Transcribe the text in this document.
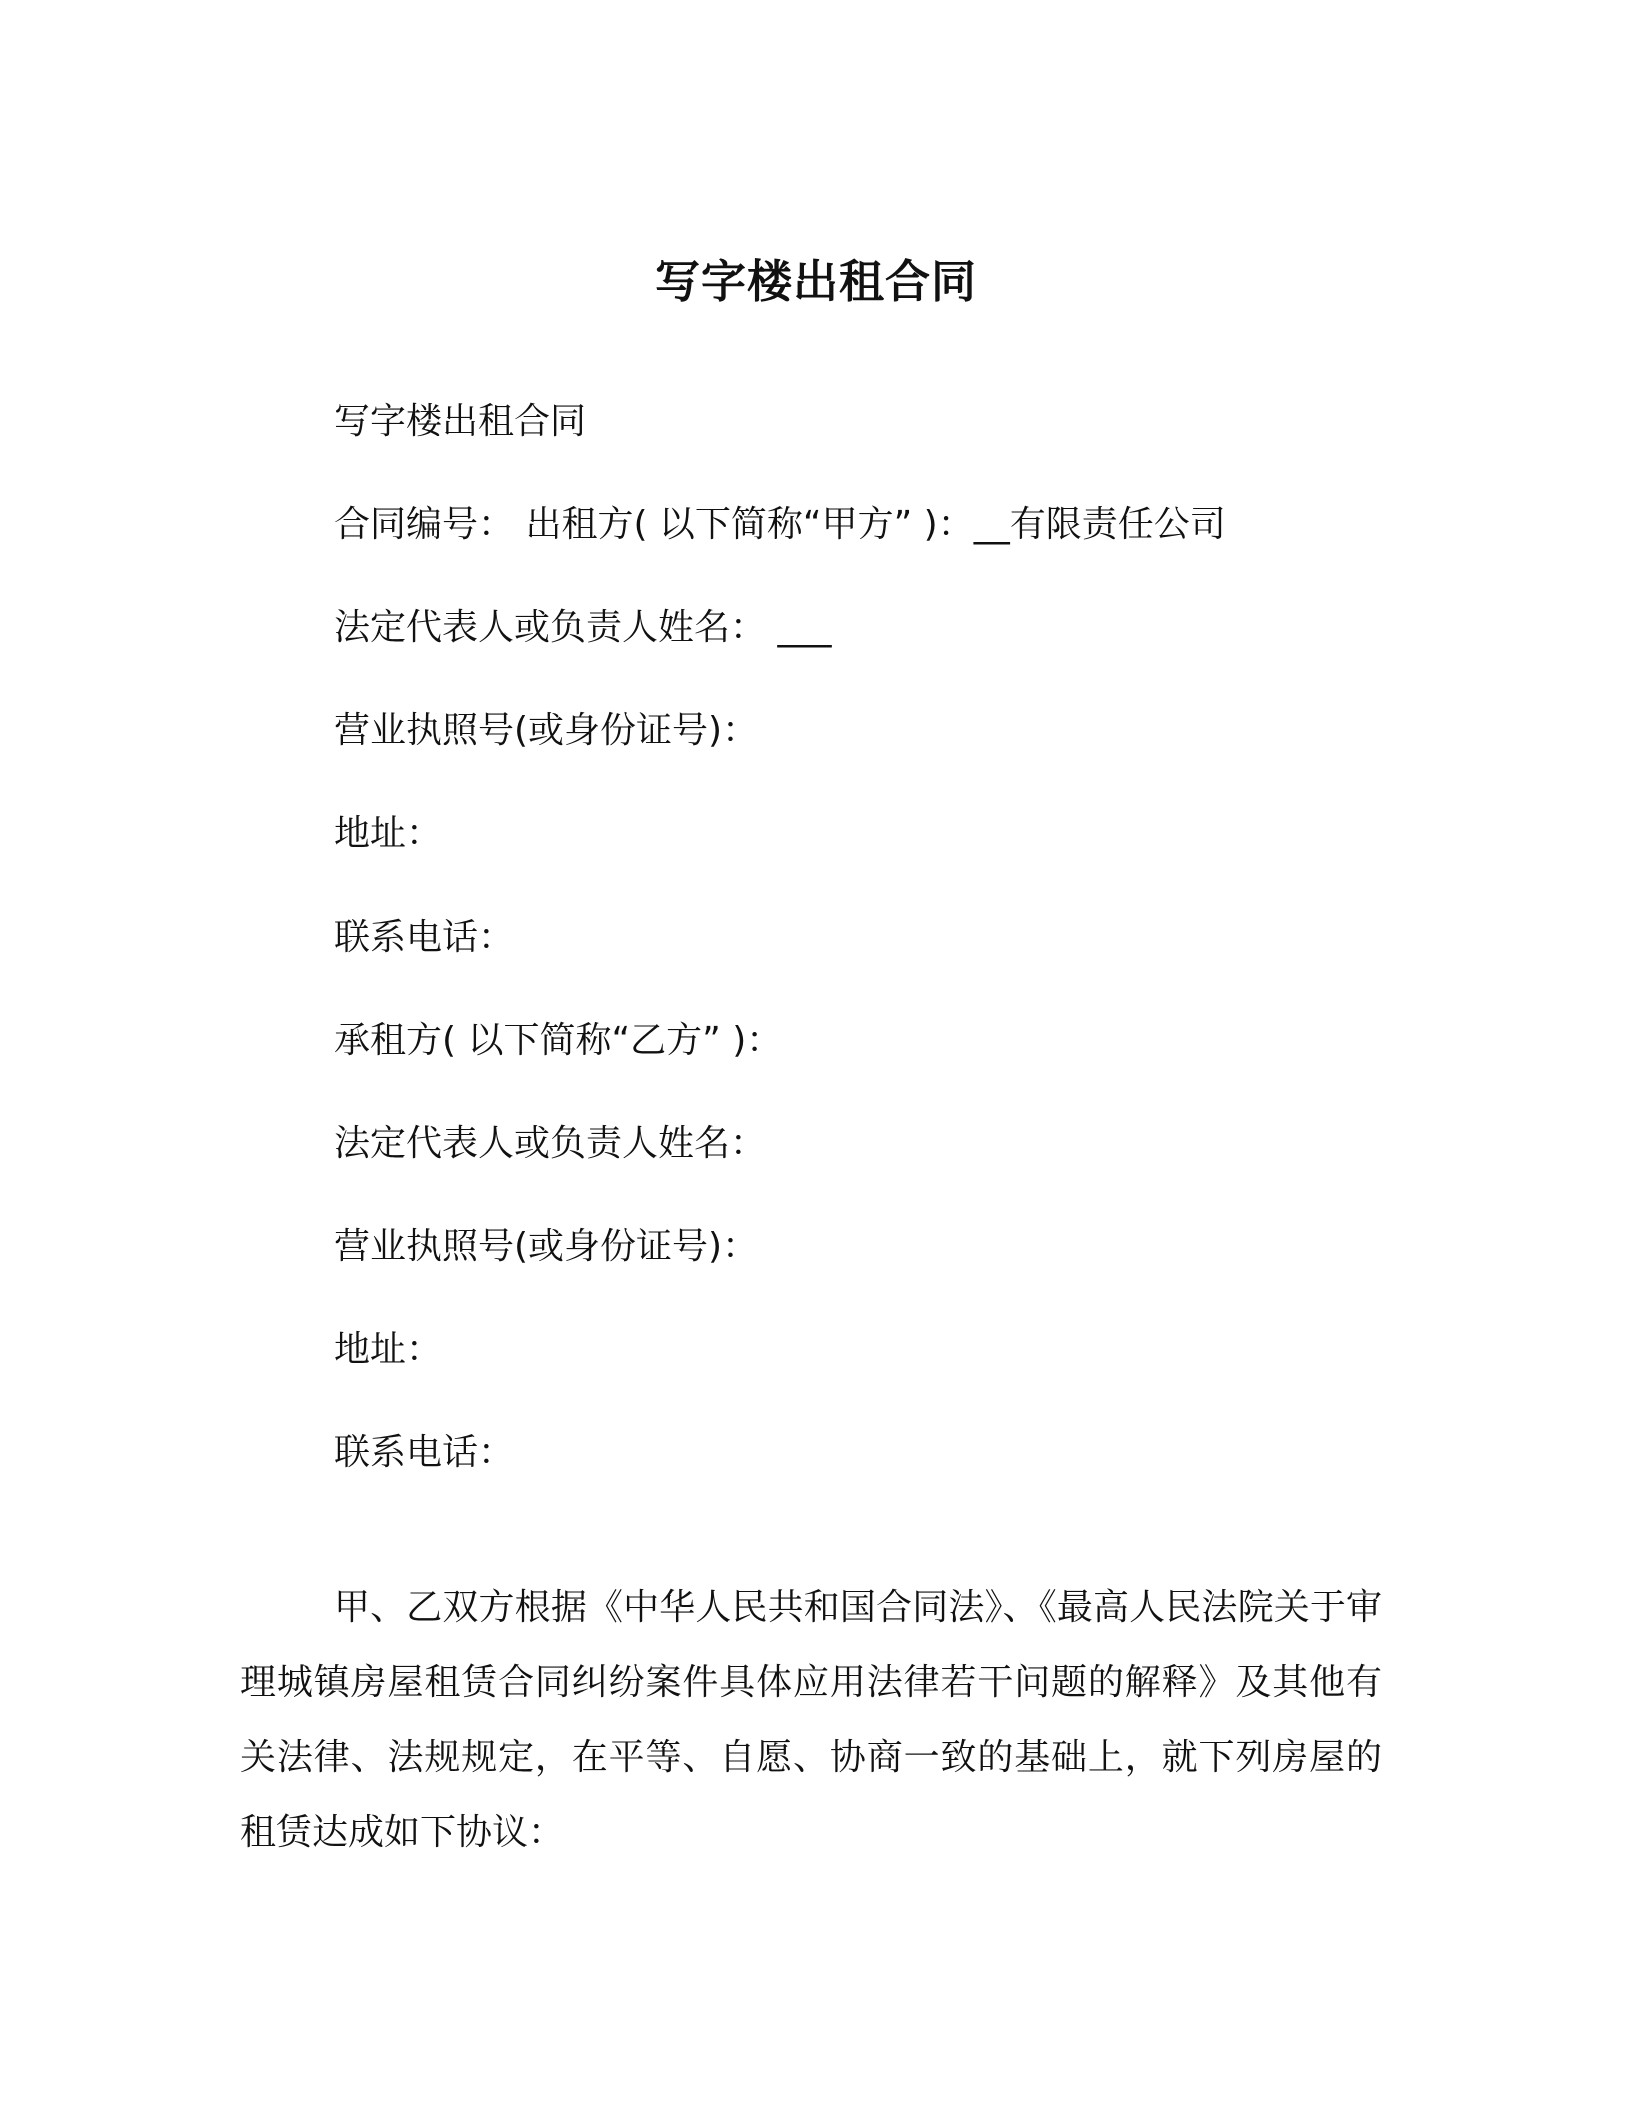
写字楼出租合同
写字楼出租合同
合同编号： 出租方( 以下简称“甲方” )：__有限责任公司
法定代表人或负责人姓名： ___
营业执照号(或身份证号)：
地址：
联系电话：
承租方( 以下简称“乙方” )：
法定代表人或负责人姓名：
营业执照号(或身份证号)：
地址：
联系电话：

甲、乙双方根据《中华人民共和国合同法》、《最高人民法院关于审理城镇房屋租赁合同纠纷案件具体应用法律若干问题的解释》及其他有关法律、法规规定，在平等、自愿、协商一致的基础上，就下列房屋的租赁达成如下协议：
